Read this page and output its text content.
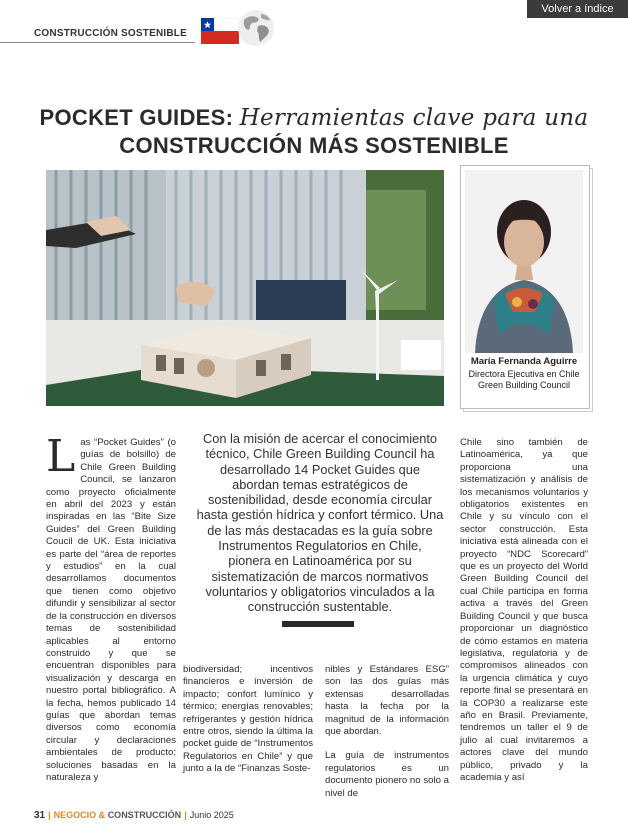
Volver a índice
CONSTRUCCIÓN SOSTENIBLE
POCKET GUIDES: Herramientas clave para una
CONSTRUCCIÓN MÁS SOSTENIBLE
María Fernanda Aguirre
Directora Ejecutiva en Chile Green Building Council

Las “Pocket Guides” (o guías de bolsillo) de Chile Green Building Council, se lanzaron como proyecto oficialmente en abril del 2023 y están inspiradas en las “Bite Size Guides” del Green Building Coucil de UK. Esta iniciativa es parte del “área de reportes y estudios” en la cual desarrollamos documentos que tienen como objetivo difundir y sensibilizar al sector de la construcción en diversos temas de sostenibilidad aplicables al entorno construido y que se encuentran disponibles para visualización y descarga en nuestro portal bibliográfico. A la fecha, hemos publicado 14 guías que abordan temas diversos como economía circular y declaraciones ambientales de producto; soluciones basadas en la naturaleza y

Con la misión de acercar el conocimiento técnico, Chile Green Building Council ha desarrollado 14 Pocket Guides que abordan temas estratégicos de sostenibilidad, desde economía circular hasta gestión hídrica y confort térmico. Una de las más destacadas es la guía sobre Instrumentos Regulatorios en Chile, pionera en Latinoamérica por su sistematización de marcos normativos voluntarios y obligatorios vinculados a la construcción sustentable.

biodiversidad; incentivos financieros e inversión de impacto; confort lumínico y térmico; energías renovables; refrigerantes y gestión hídrica entre otros, siendo la última la pocket guide de “Instrumentos Regulatorios en Chile” y que junto a la de “Finanzas Soste-

nibles y Estándares ESG” son las dos guías más extensas desarrolladas hasta la fecha por la magnitud de la información que abordan.

La guía de instrumentos regulatorios es un documento pionero no solo a nivel de

Chile sino también de Latinoamérica, ya que proporciona una sistematización y análisis de los mecanismos voluntarios y obligatorios existentes en Chile y su vínculo con el sector construcción. Esta iniciativa está alineada con el proyecto “NDC Scorecard” que es un proyecto del World Green Building Council del cual Chile participa en forma activa a través del Green Building Council y que busca proporcionar un diagnóstico de cómo estamos en materia legislativa, regulatoria y de compromisos alineados con la urgencia climática y cuyo reporte final se presentará en la COP30 a realizarse este año en Brasil. Previamente, tendremos un taller el 9 de julio al cual invitaremos a actores clave del mundo público, privado y la academia y así

31 | NEGOCIO & CONSTRUCCIÓN | Junio 2025
